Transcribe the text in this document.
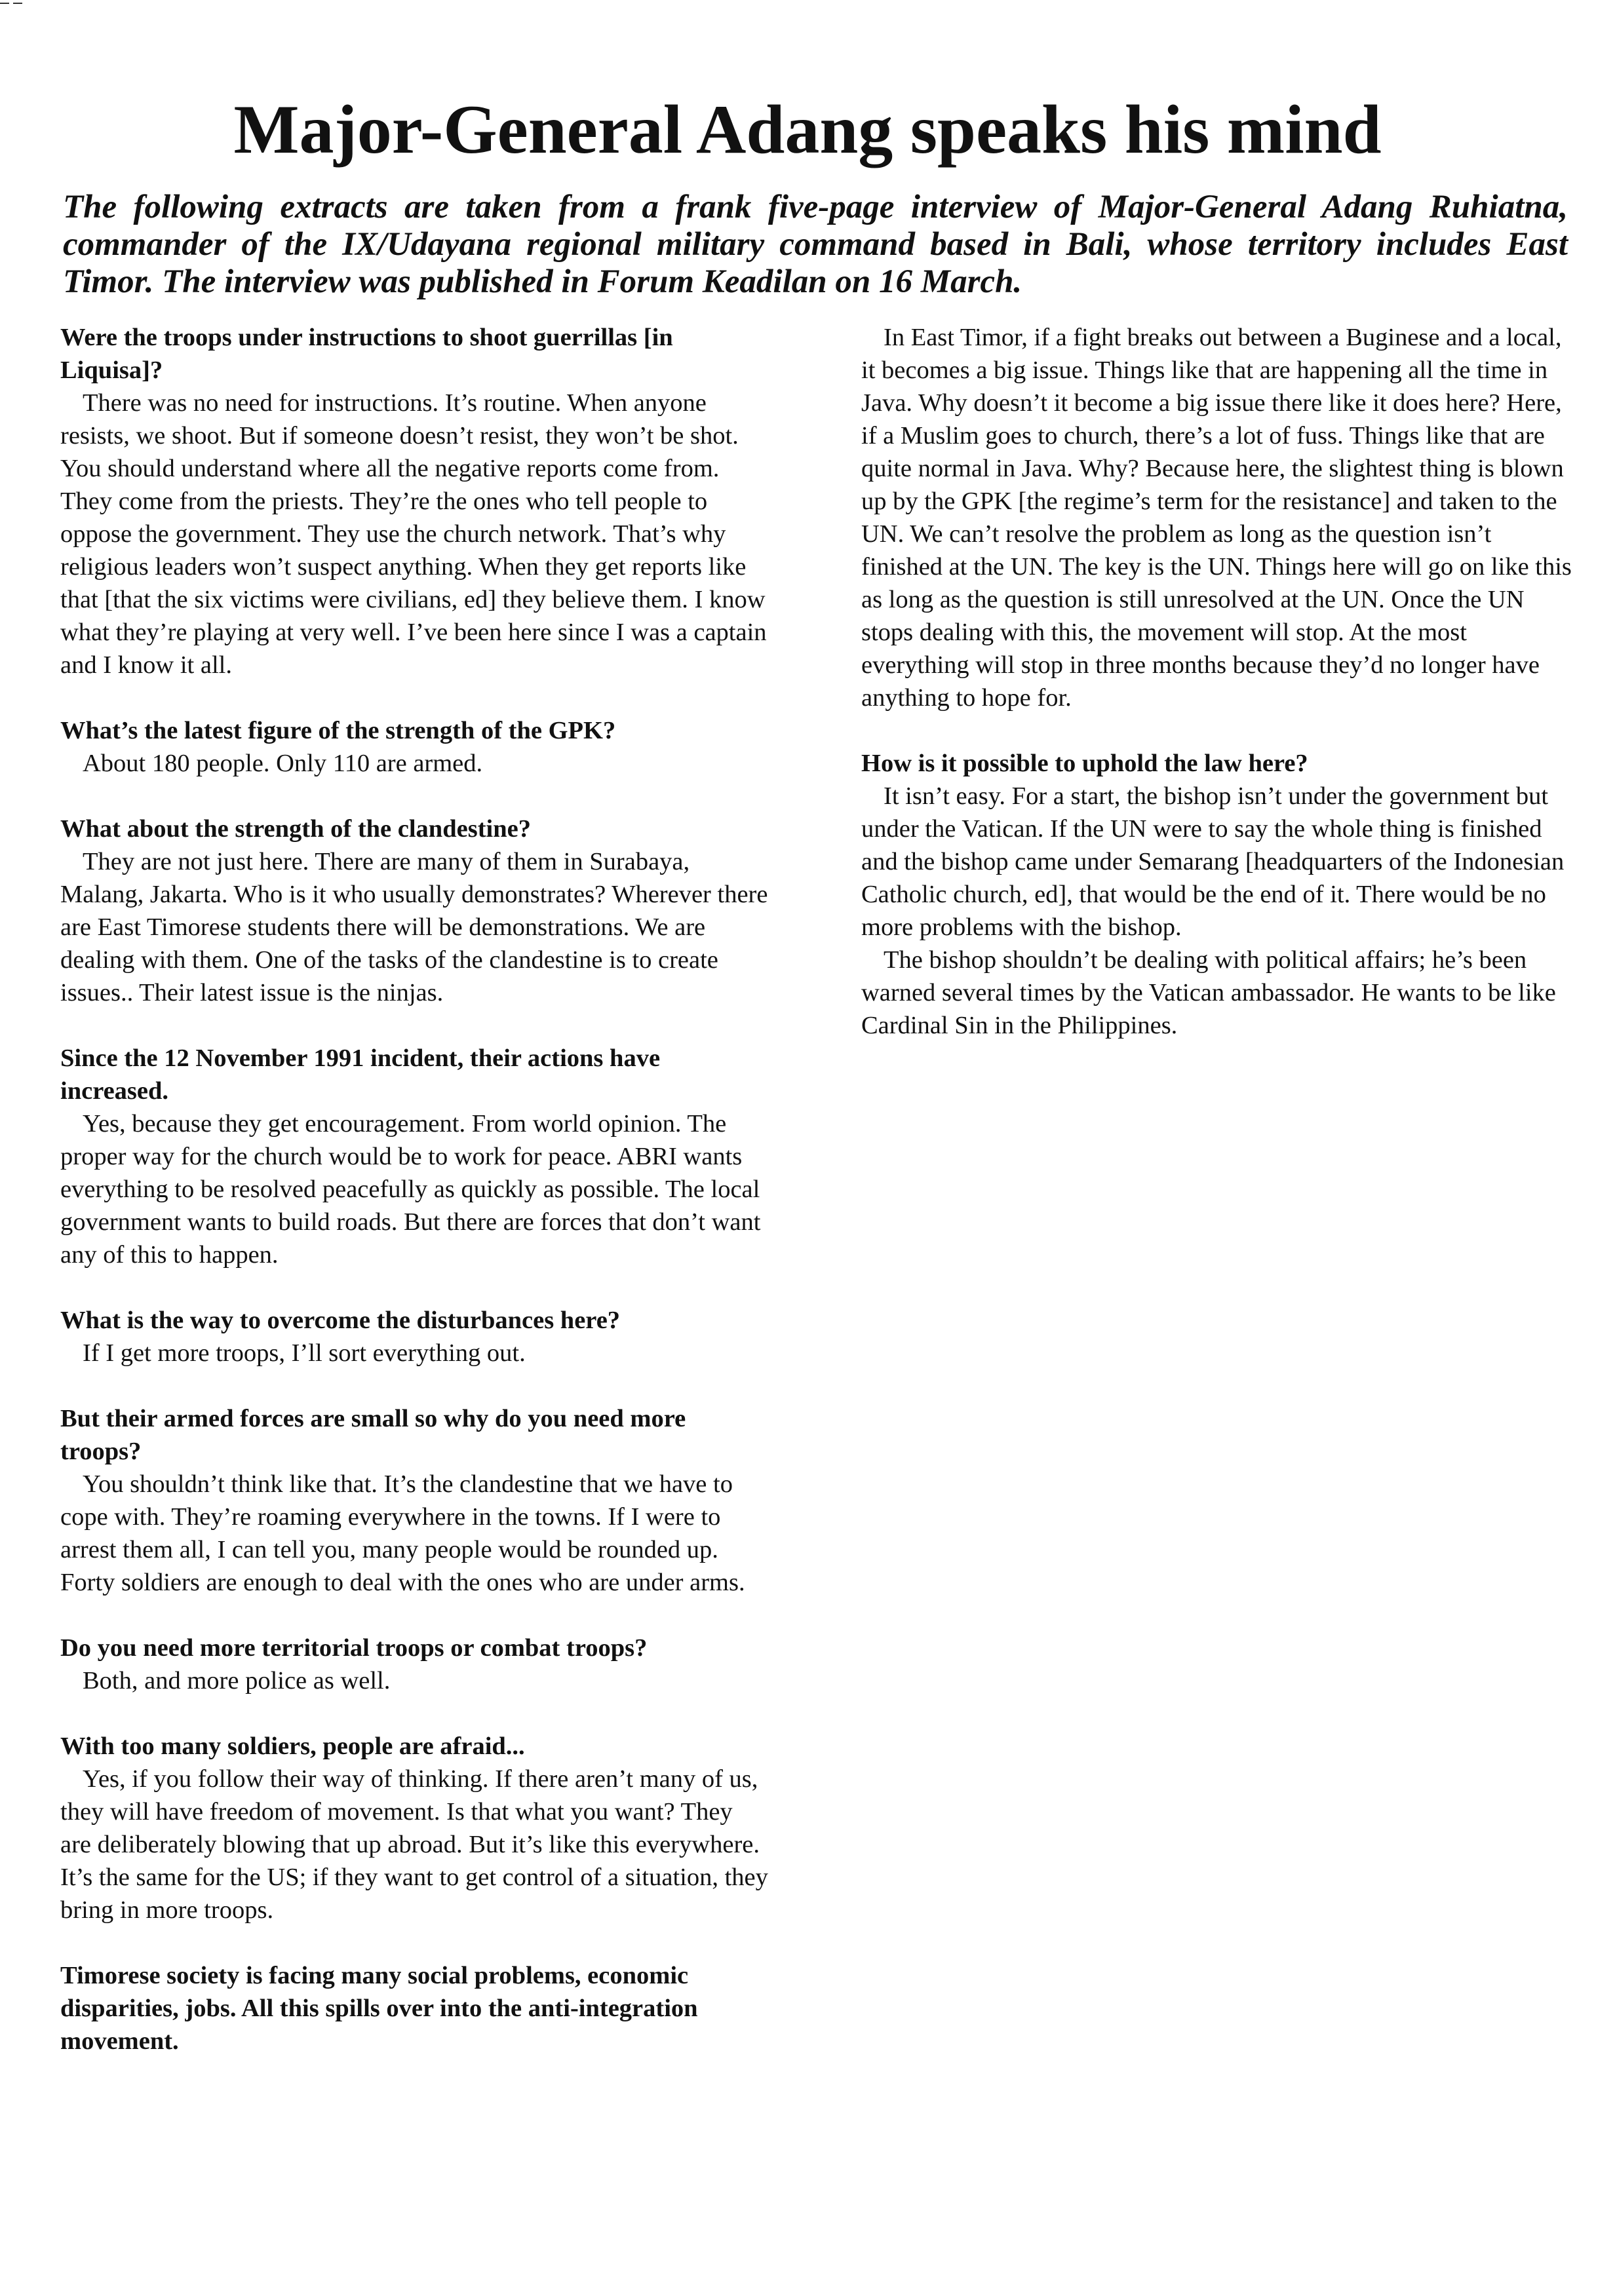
Major-General Adang speaks his mind

The following extracts are taken from a frank five-page interview of Major-General Adang Ruhiatna, commander of the IX/Udayana regional military command based in Bali, whose territory includes East Timor. The interview was published in Forum Keadilan on 16 March.

Were the troops under instructions to shoot guerrillas [in Liquisa]?

There was no need for instructions. It’s routine. When anyone resists, we shoot. But if someone doesn’t resist, they won’t be shot. You should understand where all the negative reports come from. They come from the priests. They’re the ones who tell people to oppose the government. They use the church network. That’s why religious leaders won’t suspect anything. When they get reports like that [that the six victims were civilians, ed] they believe them. I know what they’re playing at very well. I’ve been here since I was a captain and I know it all.

What’s the latest figure of the strength of the GPK?

About 180 people. Only 110 are armed.

What about the strength of the clandestine?

They are not just here. There are many of them in Surabaya, Malang, Jakarta. Who is it who usually demonstrates? Wherever there are East Timorese students there will be demonstrations. We are dealing with them. One of the tasks of the clandestine is to create issues.. Their latest issue is the ninjas.

Since the 12 November 1991 incident, their actions have increased.

Yes, because they get encouragement. From world opinion. The proper way for the church would be to work for peace. ABRI wants everything to be resolved peacefully as quickly as possible. The local government wants to build roads. But there are forces that don’t want any of this to happen.

What is the way to overcome the disturbances here?

If I get more troops, I’ll sort everything out.

But their armed forces are small so why do you need more troops?

You shouldn’t think like that. It’s the clandestine that we have to cope with. They’re roaming everywhere in the towns. If I were to arrest them all, I can tell you, many people would be rounded up. Forty soldiers are enough to deal with the ones who are under arms.

Do you need more territorial troops or combat troops?

Both, and more police as well.

With too many soldiers, people are afraid...

Yes, if you follow their way of thinking. If there aren’t many of us, they will have freedom of movement. Is that what you want? They are deliberately blowing that up abroad. But it’s like this everywhere. It’s the same for the US; if they want to get control of a situation, they bring in more troops.

Timorese society is facing many social problems, economic disparities, jobs. All this spills over into the anti-integration movement.

In East Timor, if a fight breaks out between a Buginese and a local, it becomes a big issue. Things like that are happening all the time in Java. Why doesn’t it become a big issue there like it does here? Here, if a Muslim goes to church, there’s a lot of fuss. Things like that are quite normal in Java. Why? Because here, the slightest thing is blown up by the GPK [the regime’s term for the resistance] and taken to the UN. We can’t resolve the problem as long as the question isn’t finished at the UN. The key is the UN. Things here will go on like this as long as the question is still unresolved at the UN. Once the UN stops dealing with this, the movement will stop. At the most everything will stop in three months because they’d no longer have anything to hope for.

How is it possible to uphold the law here?

It isn’t easy. For a start, the bishop isn’t under the government but under the Vatican. If the UN were to say the whole thing is finished and the bishop came under Semarang [headquarters of the Indonesian Catholic church, ed], that would be the end of it. There would be no more problems with the bishop.

The bishop shouldn’t be dealing with political affairs; he’s been warned several times by the Vatican ambassador. He wants to be like Cardinal Sin in the Philippines.
